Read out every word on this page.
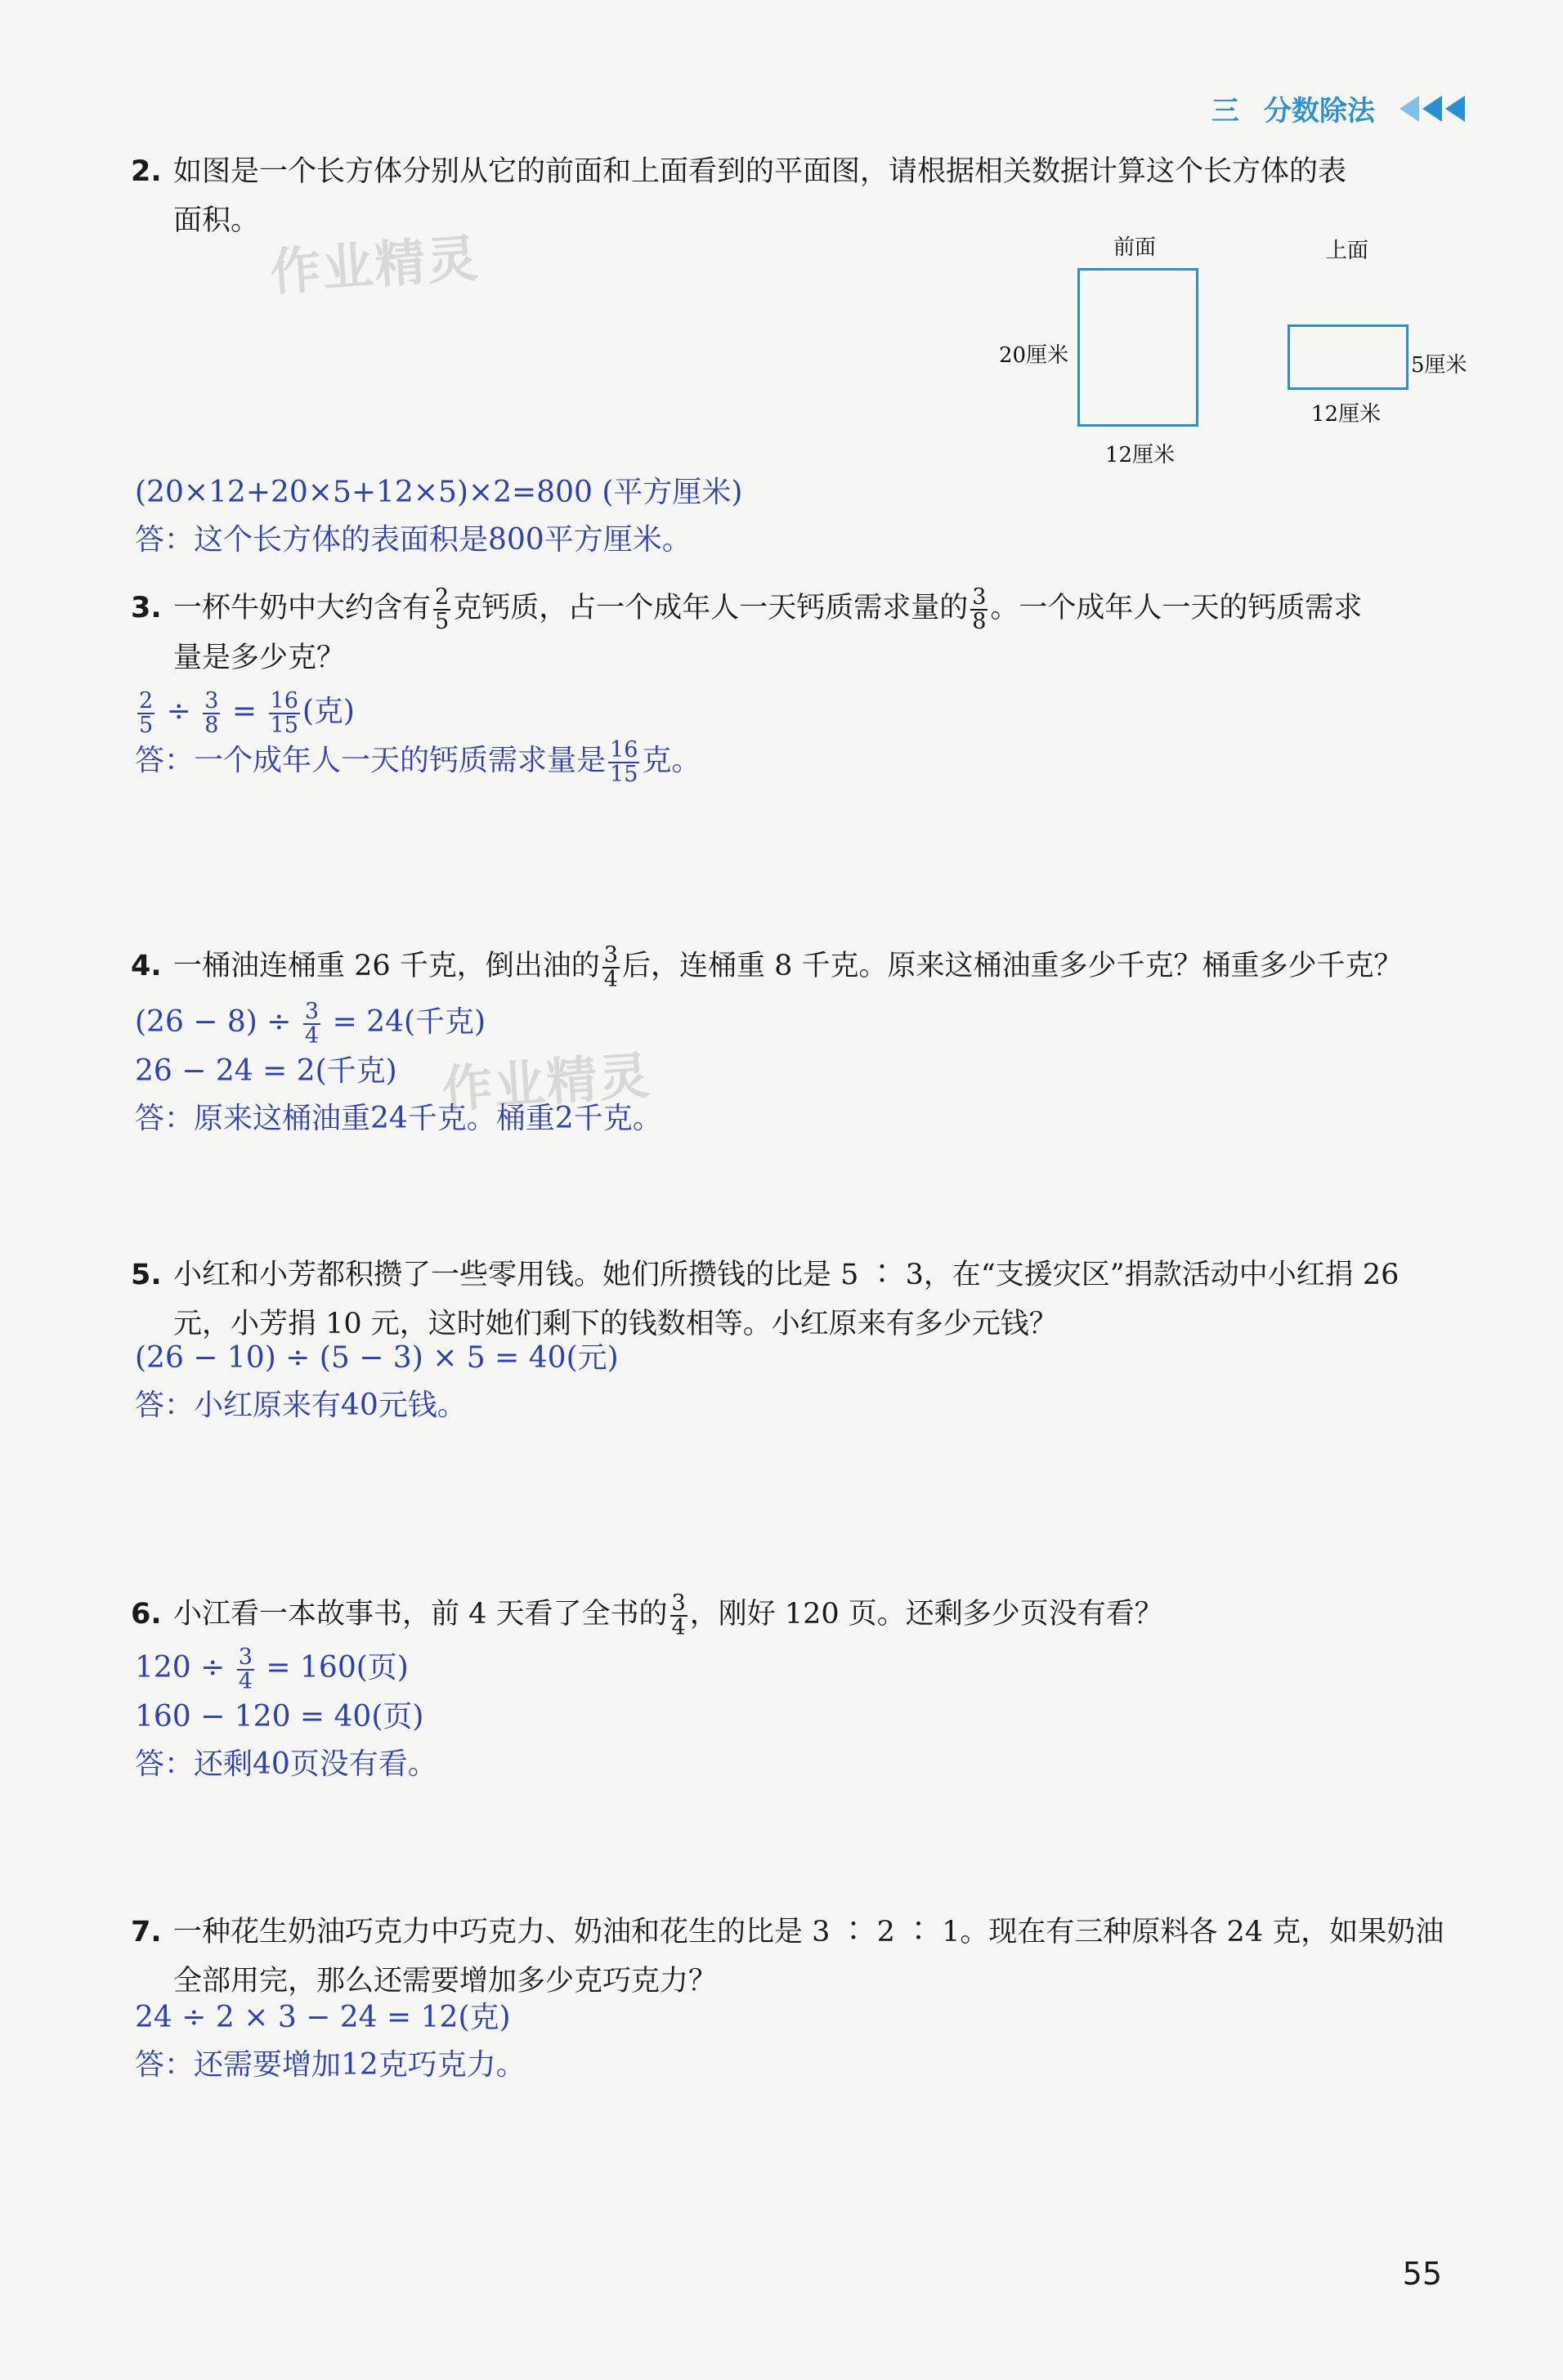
三 分数除法
作业精灵
作业精灵
2. 如图是一个长方体分别从它的前面和上面看到的平面图，请根据相关数据计算这个长方体的表
面积。
前面	上面
20厘米
12厘米
5厘米
12厘米
(20×12+20×5+12×5)×2=800 (平方厘米)
答：这个长方体的表面积是800平方厘米。
3. 一杯牛奶中大约含有 $\frac{2}{5}$ 克钙质，占一个成年人一天钙质需求量的 $\frac{3}{8}$ 。一个成年人一天的钙质需求
量是多少克？
$\frac{2}{5} \div \frac{3}{8} = \frac{16}{15}$ (克)
答：一个成年人一天的钙质需求量是 $\frac{16}{15}$ 克。
4. 一桶油连桶重 26 千克，倒出油的 $\frac{3}{4}$ 后，连桶重 8 千克。原来这桶油重多少千克？桶重多少千克？
$(26 - 8) \div \frac{3}{4} = 24$(千克)
26 − 24 = 2(千克)
答：原来这桶油重24千克。桶重2千克。
5. 小红和小芳都积攒了一些零用钱。她们所攒钱的比是 5 ∶ 3，在“支援灾区”捐款活动中小红捐 26
元，小芳捐 10 元，这时她们剩下的钱数相等。小红原来有多少元钱？
(26 − 10) ÷ (5 − 3) × 5 = 40(元)
答：小红原来有40元钱。
6. 小江看一本故事书，前 4 天看了全书的 $\frac{3}{4}$ ，刚好 120 页。还剩多少页没有看？
$120 \div \frac{3}{4} = 160$(页)
160 − 120 = 40(页)
答：还剩40页没有看。
7. 一种花生奶油巧克力中巧克力、奶油和花生的比是 3 ∶ 2 ∶ 1。现在有三种原料各 24 克，如果奶油
全部用完，那么还需要增加多少克巧克力？
24 ÷ 2 × 3 − 24 = 12(克)
答：还需要增加12克巧克力。
55
